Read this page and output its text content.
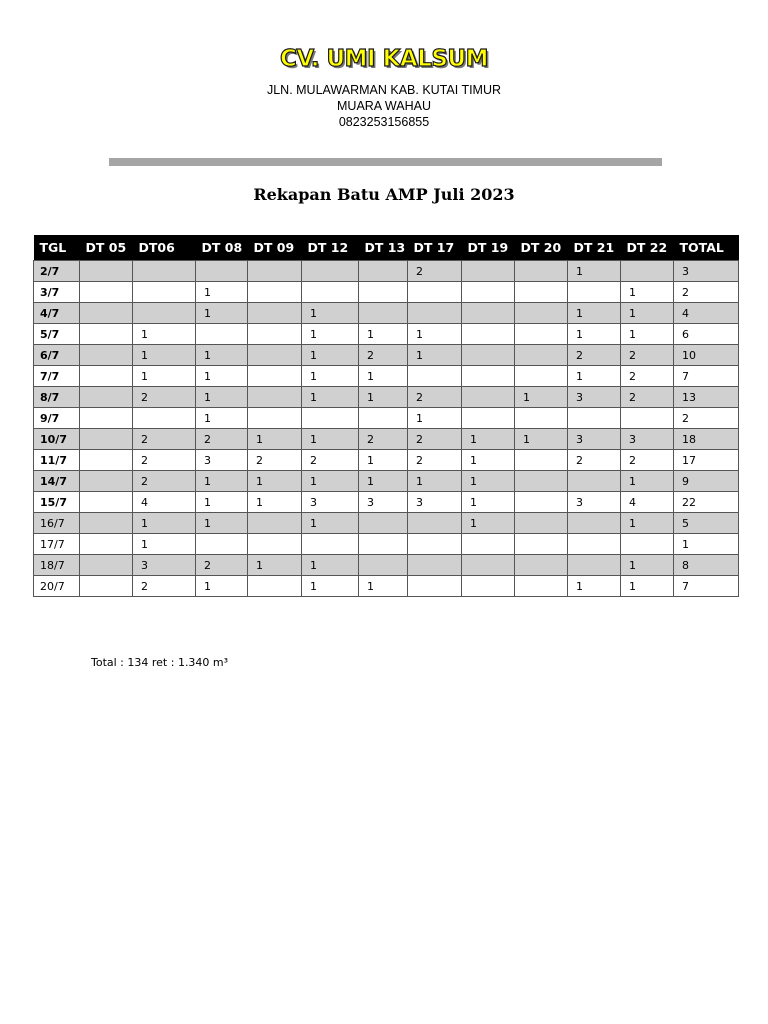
CV. UMI KALSUM
JLN. MULAWARMAN KAB. KUTAI TIMUR
MUARA WAHAU
0823253156855
Rekapan Batu AMP Juli 2023
TGL	DT 05	DT06	DT 08	DT 09	DT 12	DT 13	DT 17	DT 19	DT 20	DT 21	DT 22	TOTAL
2/7							2			1		3
3/7			1								1	2
4/7			1		1					1	1	4
5/7		1			1	1	1			1	1	6
6/7		1	1		1	2	1			2	2	10
7/7		1	1		1	1				1	2	7
8/7		2	1		1	1	2		1	3	2	13
9/7			1				1					2
10/7		2	2	1	1	2	2	1	1	3	3	18
11/7		2	3	2	2	1	2	1		2	2	17
14/7		2	1	1	1	1	1	1			1	9
15/7		4	1	1	3	3	3	1		3	4	22
16/7		1	1		1			1			1	5
17/7		1										1
18/7		3	2	1	1						1	8
20/7		2	1		1	1				1	1	7
Total : 134 ret : 1.340 m³
